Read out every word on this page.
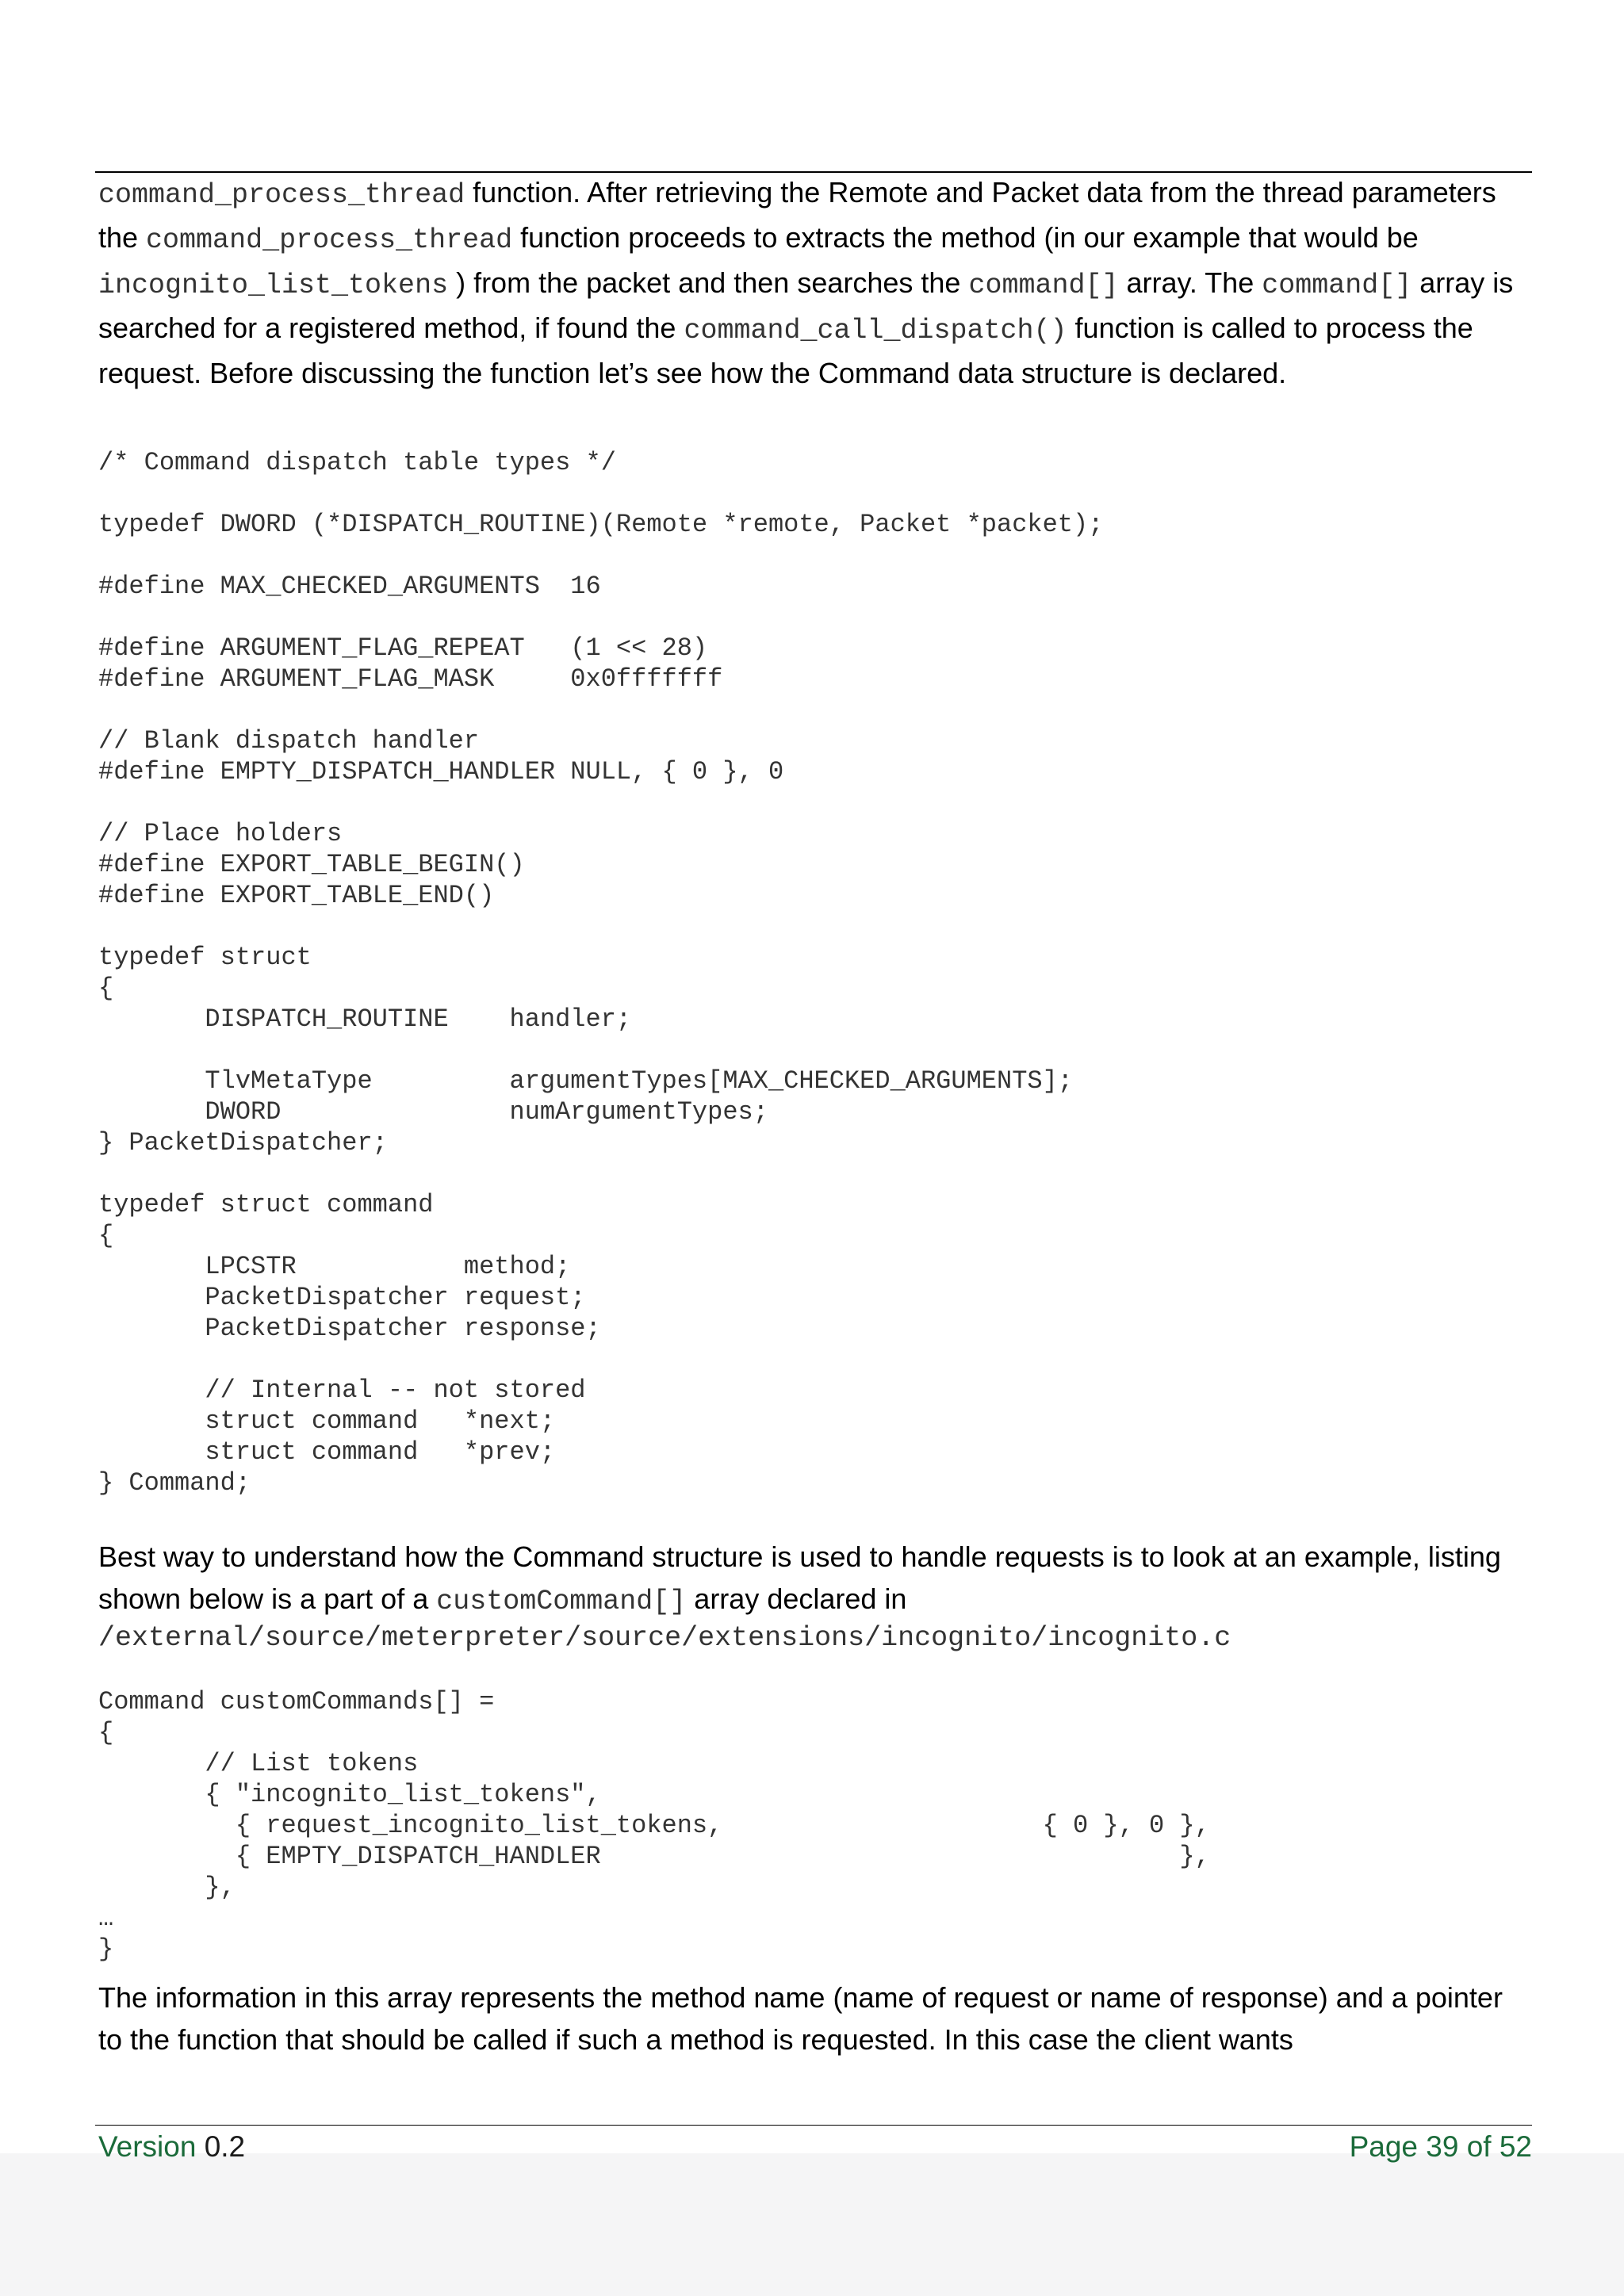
command_process_thread function. After retrieving the Remote and Packet data from the thread parameters the command_process_thread function proceeds to extracts the method (in our example that would be incognito_list_tokens ) from the packet and then searches the command[] array. The command[] array is searched for a registered method, if found the command_call_dispatch() function is called to process the request. Before discussing the function let’s see how the Command data structure is declared.

/* Command dispatch table types */

typedef DWORD (*DISPATCH_ROUTINE)(Remote *remote, Packet *packet);

#define MAX_CHECKED_ARGUMENTS  16

#define ARGUMENT_FLAG_REPEAT   (1 << 28)
#define ARGUMENT_FLAG_MASK     0x0fffffff

// Blank dispatch handler
#define EMPTY_DISPATCH_HANDLER NULL, { 0 }, 0

// Place holders
#define EXPORT_TABLE_BEGIN()
#define EXPORT_TABLE_END()

typedef struct
{
DISPATCH_ROUTINE    handler;

TlvMetaType         argumentTypes[MAX_CHECKED_ARGUMENTS];
DWORD               numArgumentTypes;
} PacketDispatcher;

typedef struct command
{
LPCSTR           method;
PacketDispatcher request;
PacketDispatcher response;

// Internal -- not stored
struct command   *next;
struct command   *prev;
} Command;

Best way to understand how the Command structure is used to handle requests is to look at an example, listing shown below is a part of a customCommand[] array declared in

/external/source/meterpreter/source/extensions/incognito/incognito.c
Command customCommands[] =
{
// List tokens
{ "incognito_list_tokens",
{ request_incognito_list_tokens,                     { 0 }, 0 },
{ EMPTY_DISPATCH_HANDLER                                      },
},
…
}

The information in this array represents the method name (name of request or name of response) and a pointer to the function that should be called if such a method is requested. In this case the client wants

Version 0.2	Page 39 of 52
